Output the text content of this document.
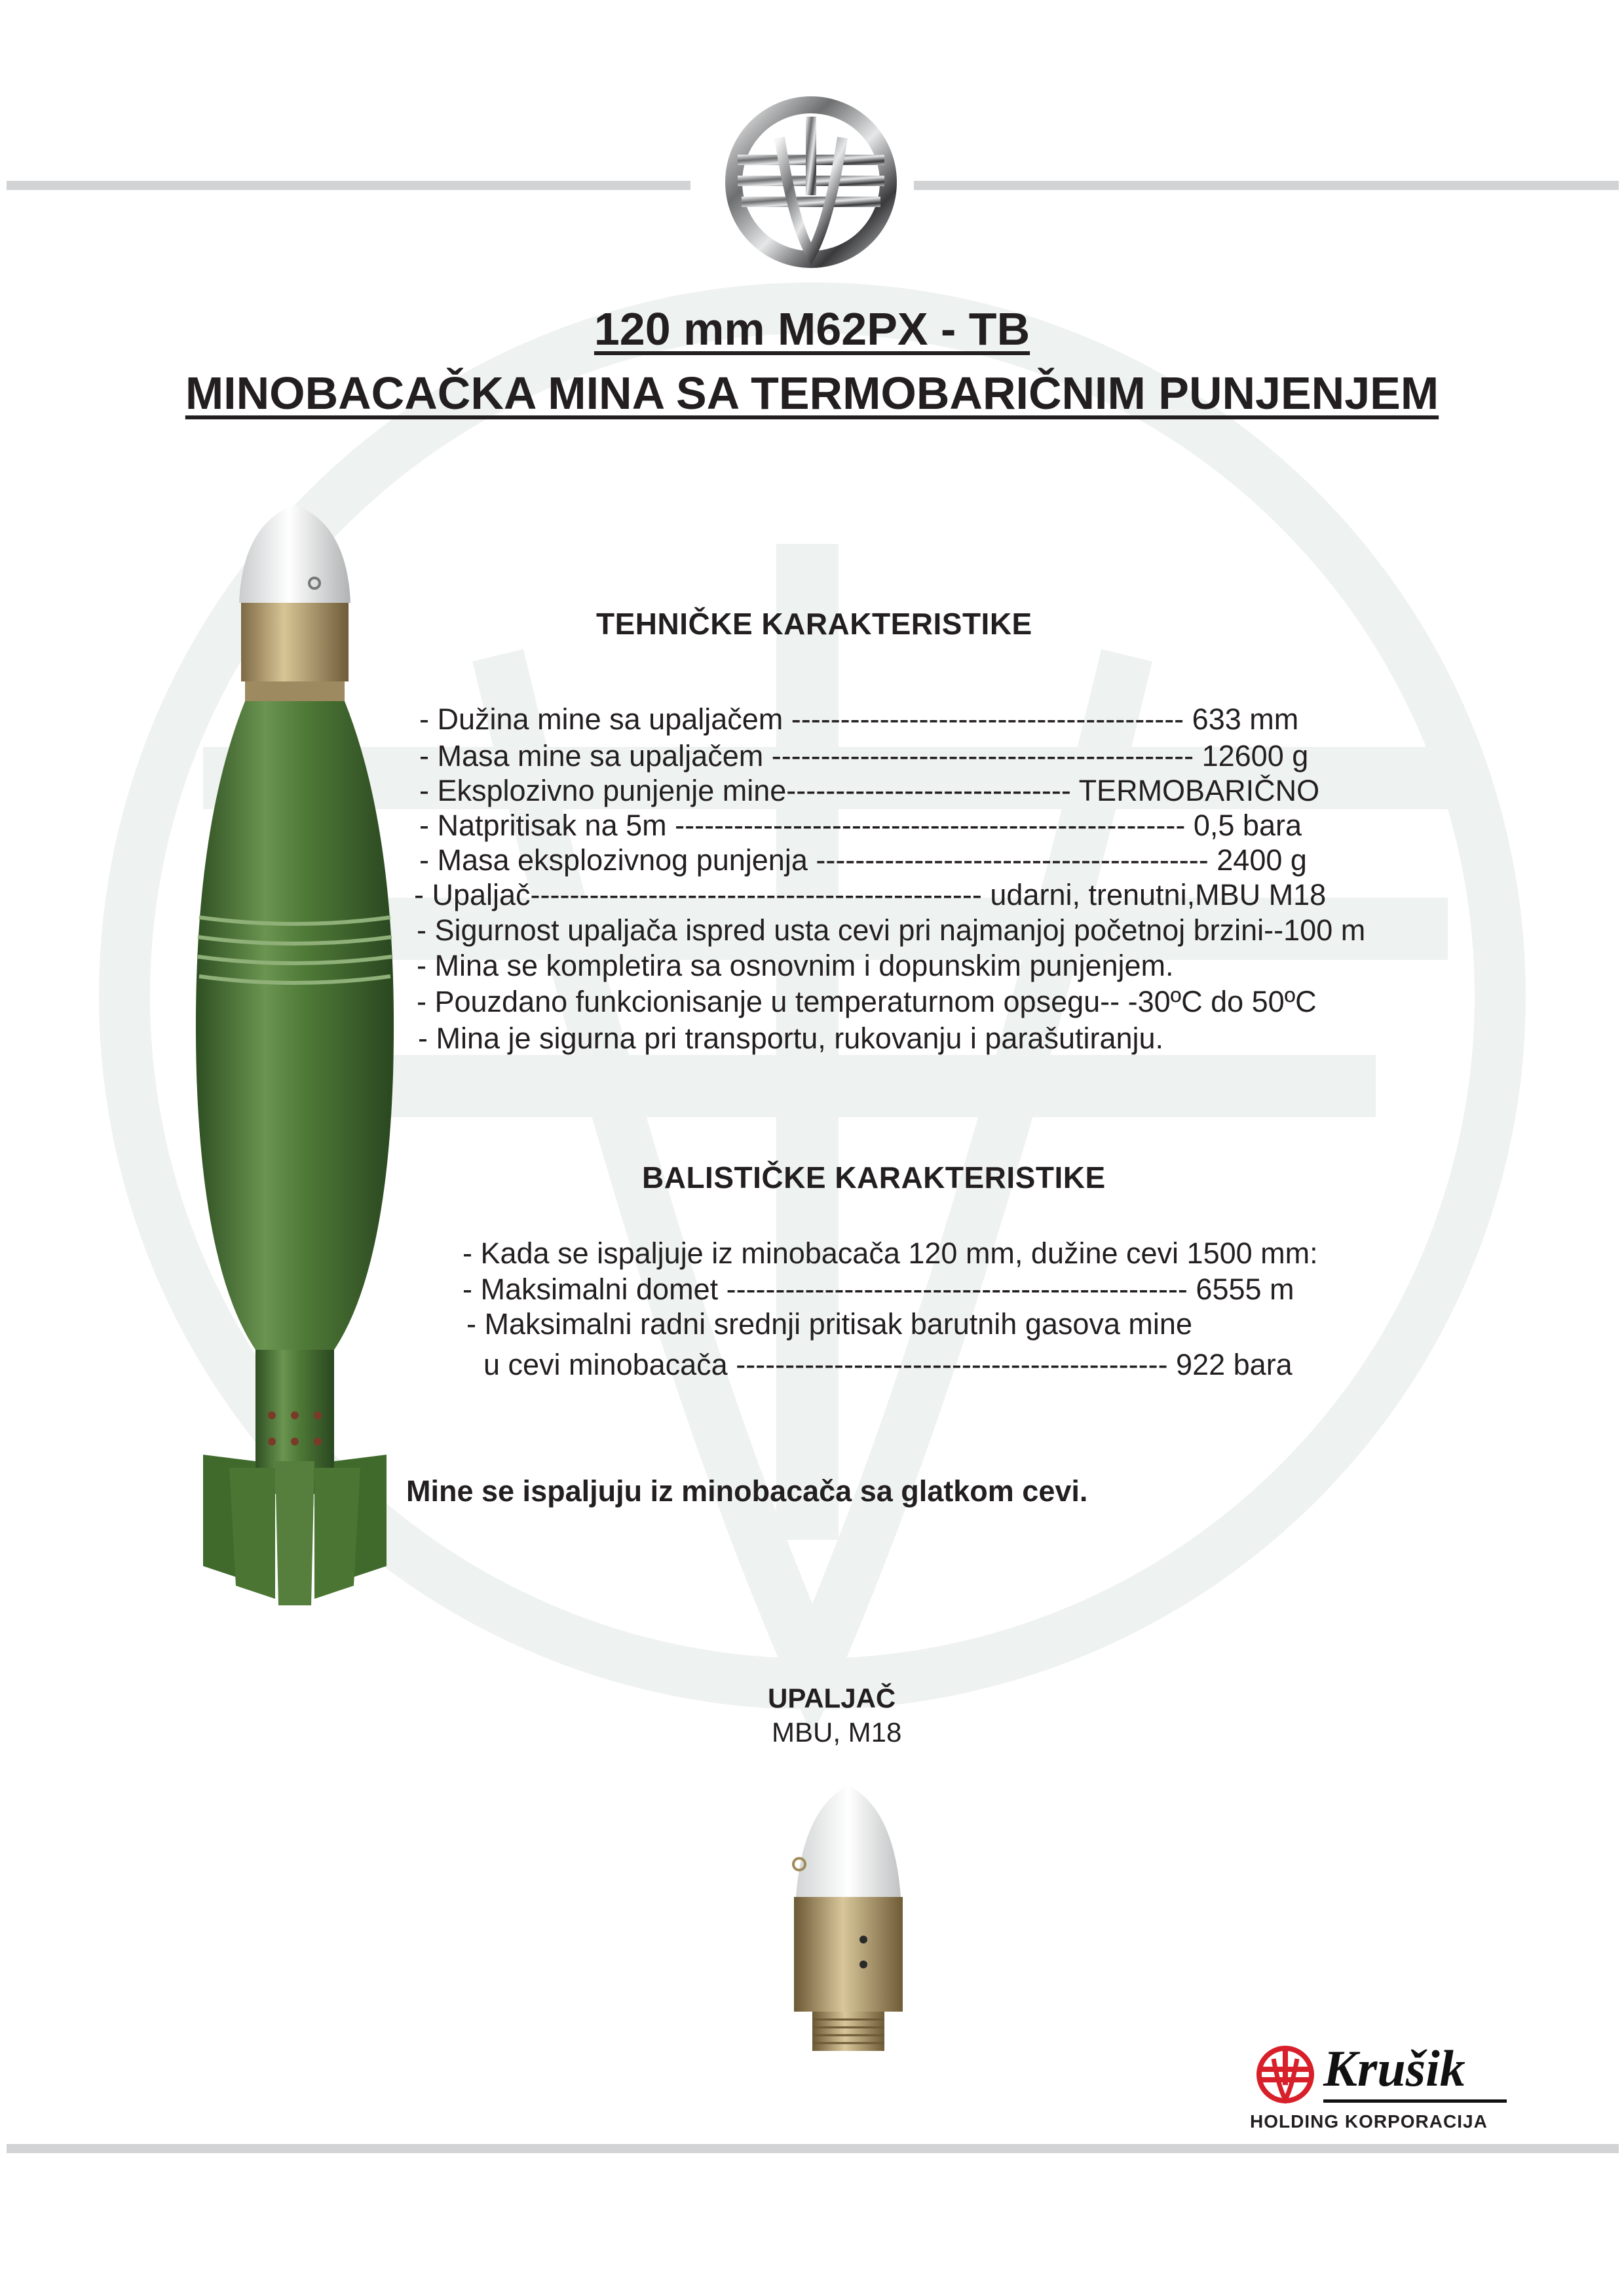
120 mm M62PX - TB
MINOBACAČKA MINA SA TERMOBARIČNIM PUNJENJEM
TEHNIČKE KARAKTERISTIKE
- Dužina mine sa upaljačem ---------------------------------------- 633 mm
- Masa mine sa upaljačem ------------------------------------------- 12600 g
- Eksplozivno punjenje mine----------------------------- TERMOBARIČNO
- Natpritisak na 5m ---------------------------------------------------- 0,5 bara
- Masa eksplozivnog punjenja ---------------------------------------- 2400 g
- Upaljač---------------------------------------------- udarni, trenutni,MBU M18
- Sigurnost upaljača ispred usta cevi pri najmanjoj početnoj brzini--100 m
- Mina se kompletira sa osnovnim i dopunskim punjenjem.
- Pouzdano funkcionisanje u temperaturnom opsegu-- -30ºC do 50ºC
- Mina je sigurna pri transportu, rukovanju i parašutiranju.
BALISTIČKE KARAKTERISTIKE
- Kada se ispaljuje iz minobacača 120 mm, dužine cevi 1500 mm:
- Maksimalni domet ----------------------------------------------- 6555 m
- Maksimalni radni srednji pritisak barutnih gasova mine
u cevi minobacača -------------------------------------------- 922 bara
Mine se ispaljuju iz minobacača sa glatkom cevi.
UPALJAČ
MBU, M18
Krušik
HOLDING KORPORACIJA
